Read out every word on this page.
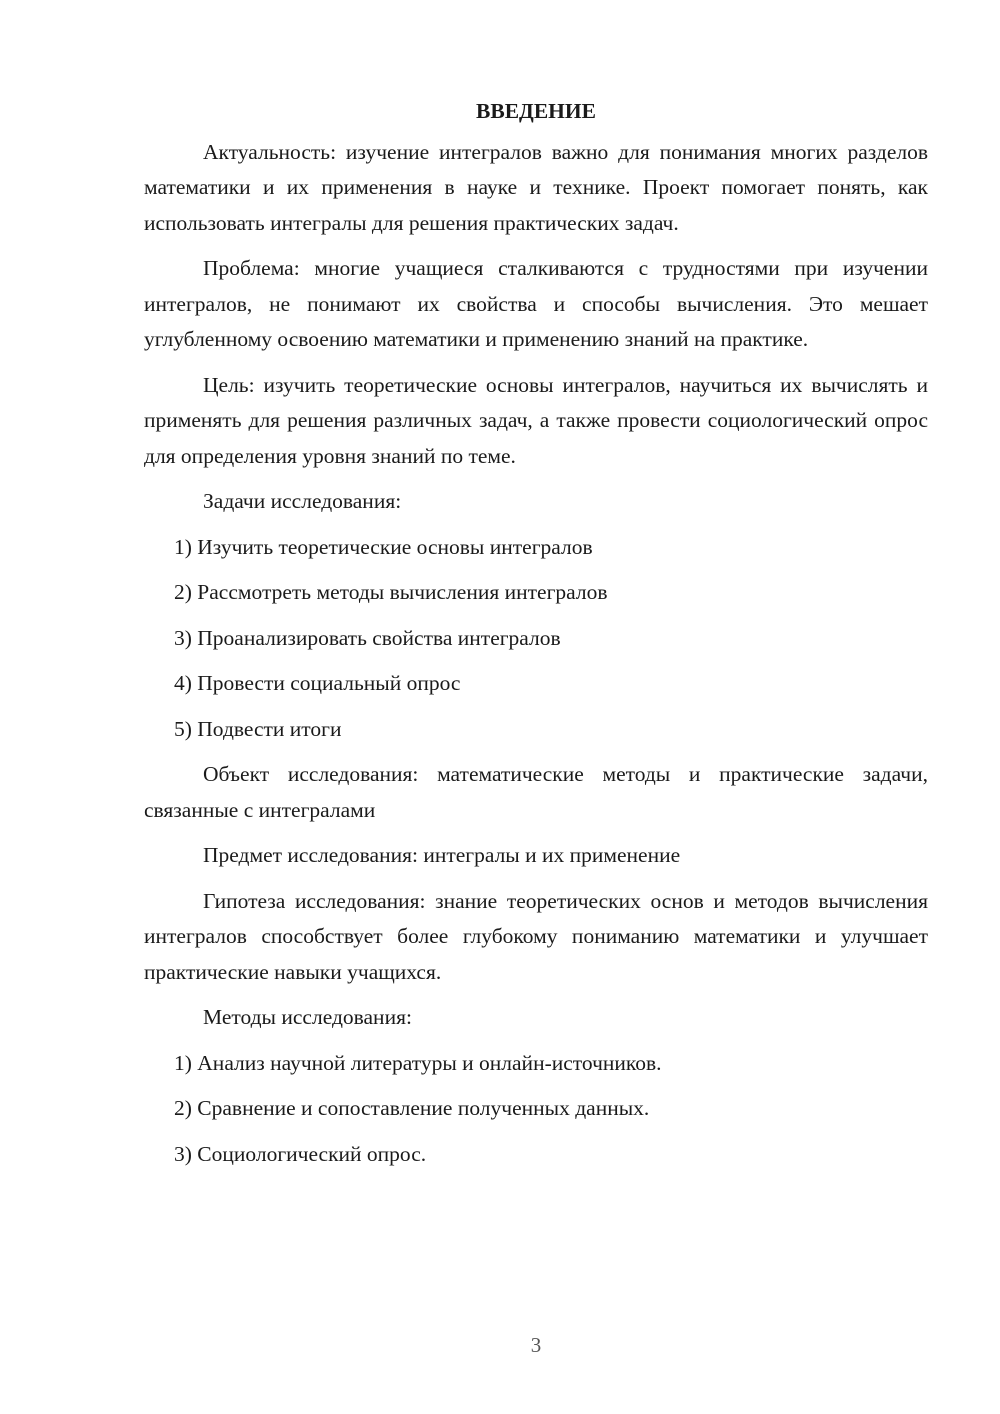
ВВЕДЕНИЕ

Актуальность: изучение интегралов важно для понимания многих разделов математики и их применения в науке и технике. Проект помогает понять, как использовать интегралы для решения практических задач.

Проблема: многие учащиеся сталкиваются с трудностями при изучении интегралов, не понимают их свойства и способы вычисления. Это мешает углубленному освоению математики и применению знаний на практике.

Цель: изучить теоретические основы интегралов, научиться их вычислять и применять для решения различных задач, а также провести социологический опрос для определения уровня знаний по теме.

Задачи исследования:

1) Изучить теоретические основы интегралов

2) Рассмотреть методы вычисления интегралов

3) Проанализировать свойства интегралов

4) Провести социальный опрос

5) Подвести итоги

Объект исследования: математические методы и практические задачи, связанные с интегралами

Предмет исследования: интегралы и их применение

Гипотеза исследования: знание теоретических основ и методов вычисления интегралов способствует более глубокому пониманию математики и улучшает практические навыки учащихся.

Методы исследования:

1) Анализ научной литературы и онлайн-источников.

2) Сравнение и сопоставление полученных данных.

3) Социологический опрос.

3
